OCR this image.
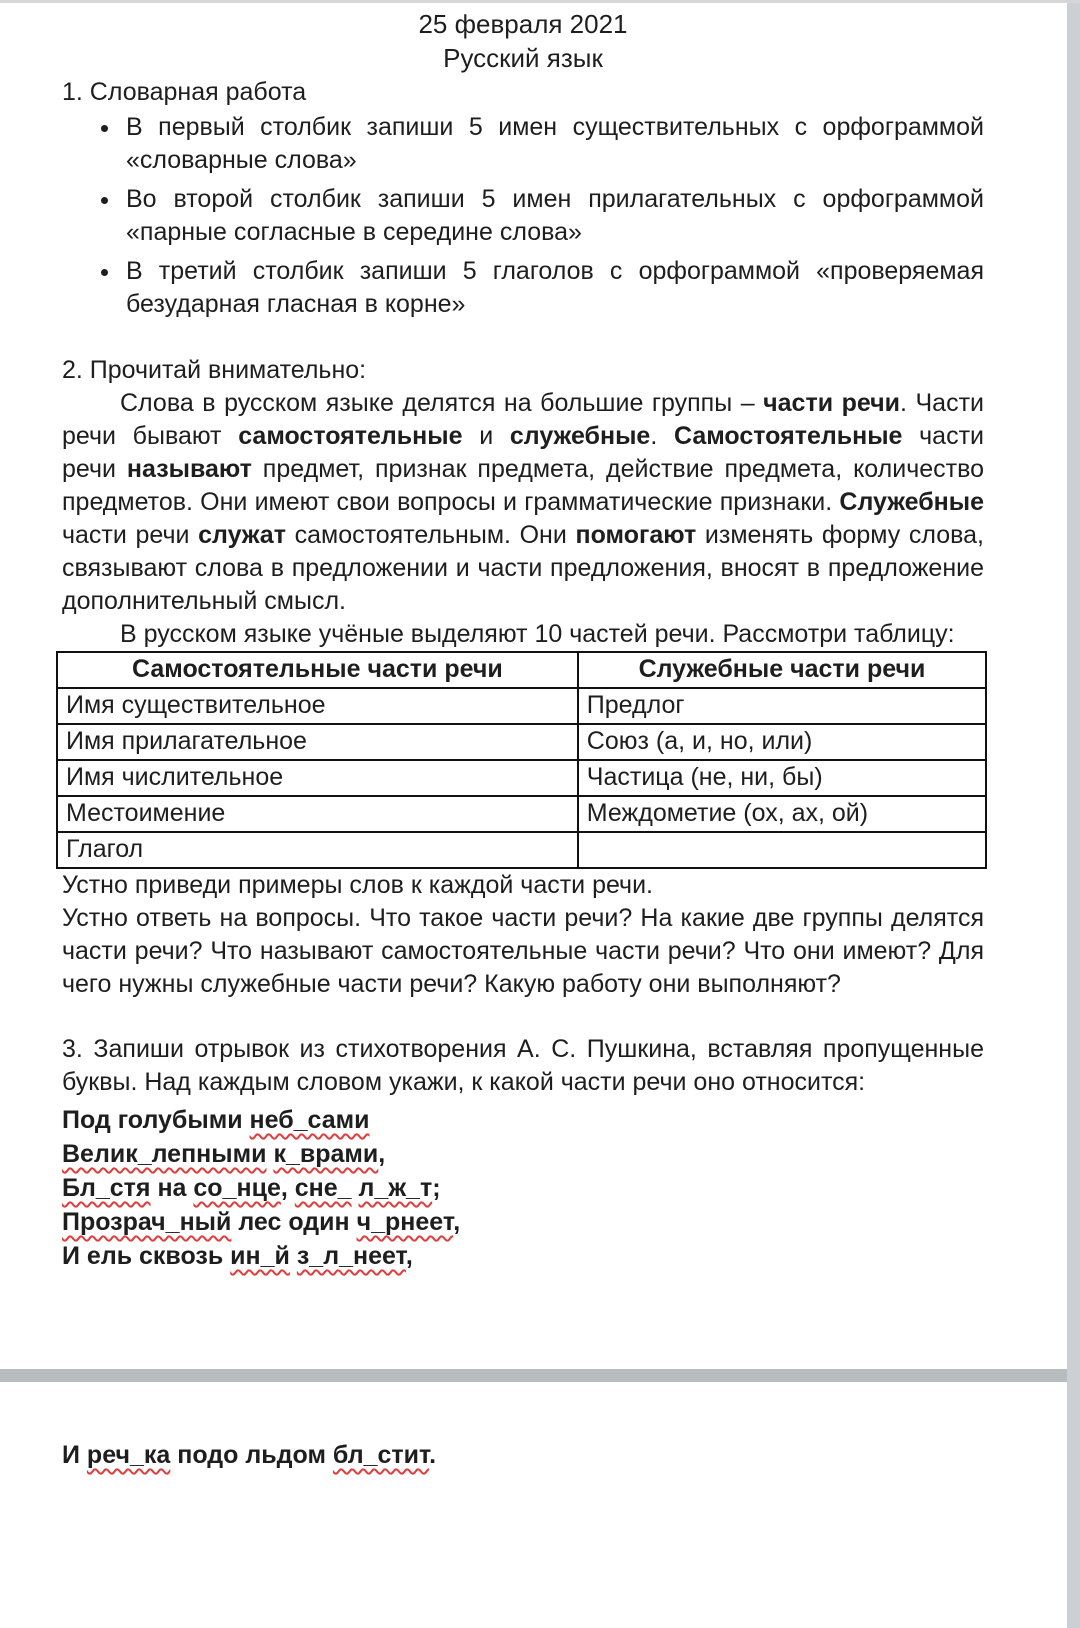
25 февраля 2021
Русский язык
1. Словарная работа
• В первый столбик запиши 5 имен существительных с орфограммой «словарные слова»
• Во второй столбик запиши 5 имен прилагательных с орфограммой «парные согласные в середине слова»
• В третий столбик запиши 5 глаголов с орфограммой «проверяемая безударная гласная в корне»
2. Прочитай внимательно:

Слова в русском языке делятся на большие группы – части речи. Части речи бывают самостоятельные и служебные. Самостоятельные части речи называют предмет, признак предмета, действие предмета, количество предметов. Они имеют свои вопросы и грамматические признаки. Служебные части речи служат самостоятельным. Они помогают изменять форму слова, связывают слова в предложении и части предложения, вносят в предложение дополнительный смысл.

В русском языке учёные выделяют 10 частей речи. Рассмотри таблицу:

Самостоятельные части речи	Служебные части речи
Имя существительное	Предлог
Имя прилагательное	Союз (а, и, но, или)
Имя числительное	Частица (не, ни, бы)
Местоимение	Междометие (ох, ах, ой)
Глагол	

Устно приведи примеры слов к каждой части речи.

Устно ответь на вопросы. Что такое части речи? На какие две группы делятся части речи? Что называют самостоятельные части речи? Что они имеют? Для чего нужны служебные части речи? Какую работу они выполняют?

3. Запиши отрывок из стихотворения А. С. Пушкина, вставляя пропущенные буквы. Над каждым словом укажи, к какой части речи оно относится:

Под голубыми неб_сами
Велик_лепными к_врами,
Бл_стя на со_нце, сне_ л_ж_т;
Прозрач_ный лес один ч_рнеет,
И ель сквозь ин_й з_л_неет,
И реч_ка подо льдом бл_стит.
